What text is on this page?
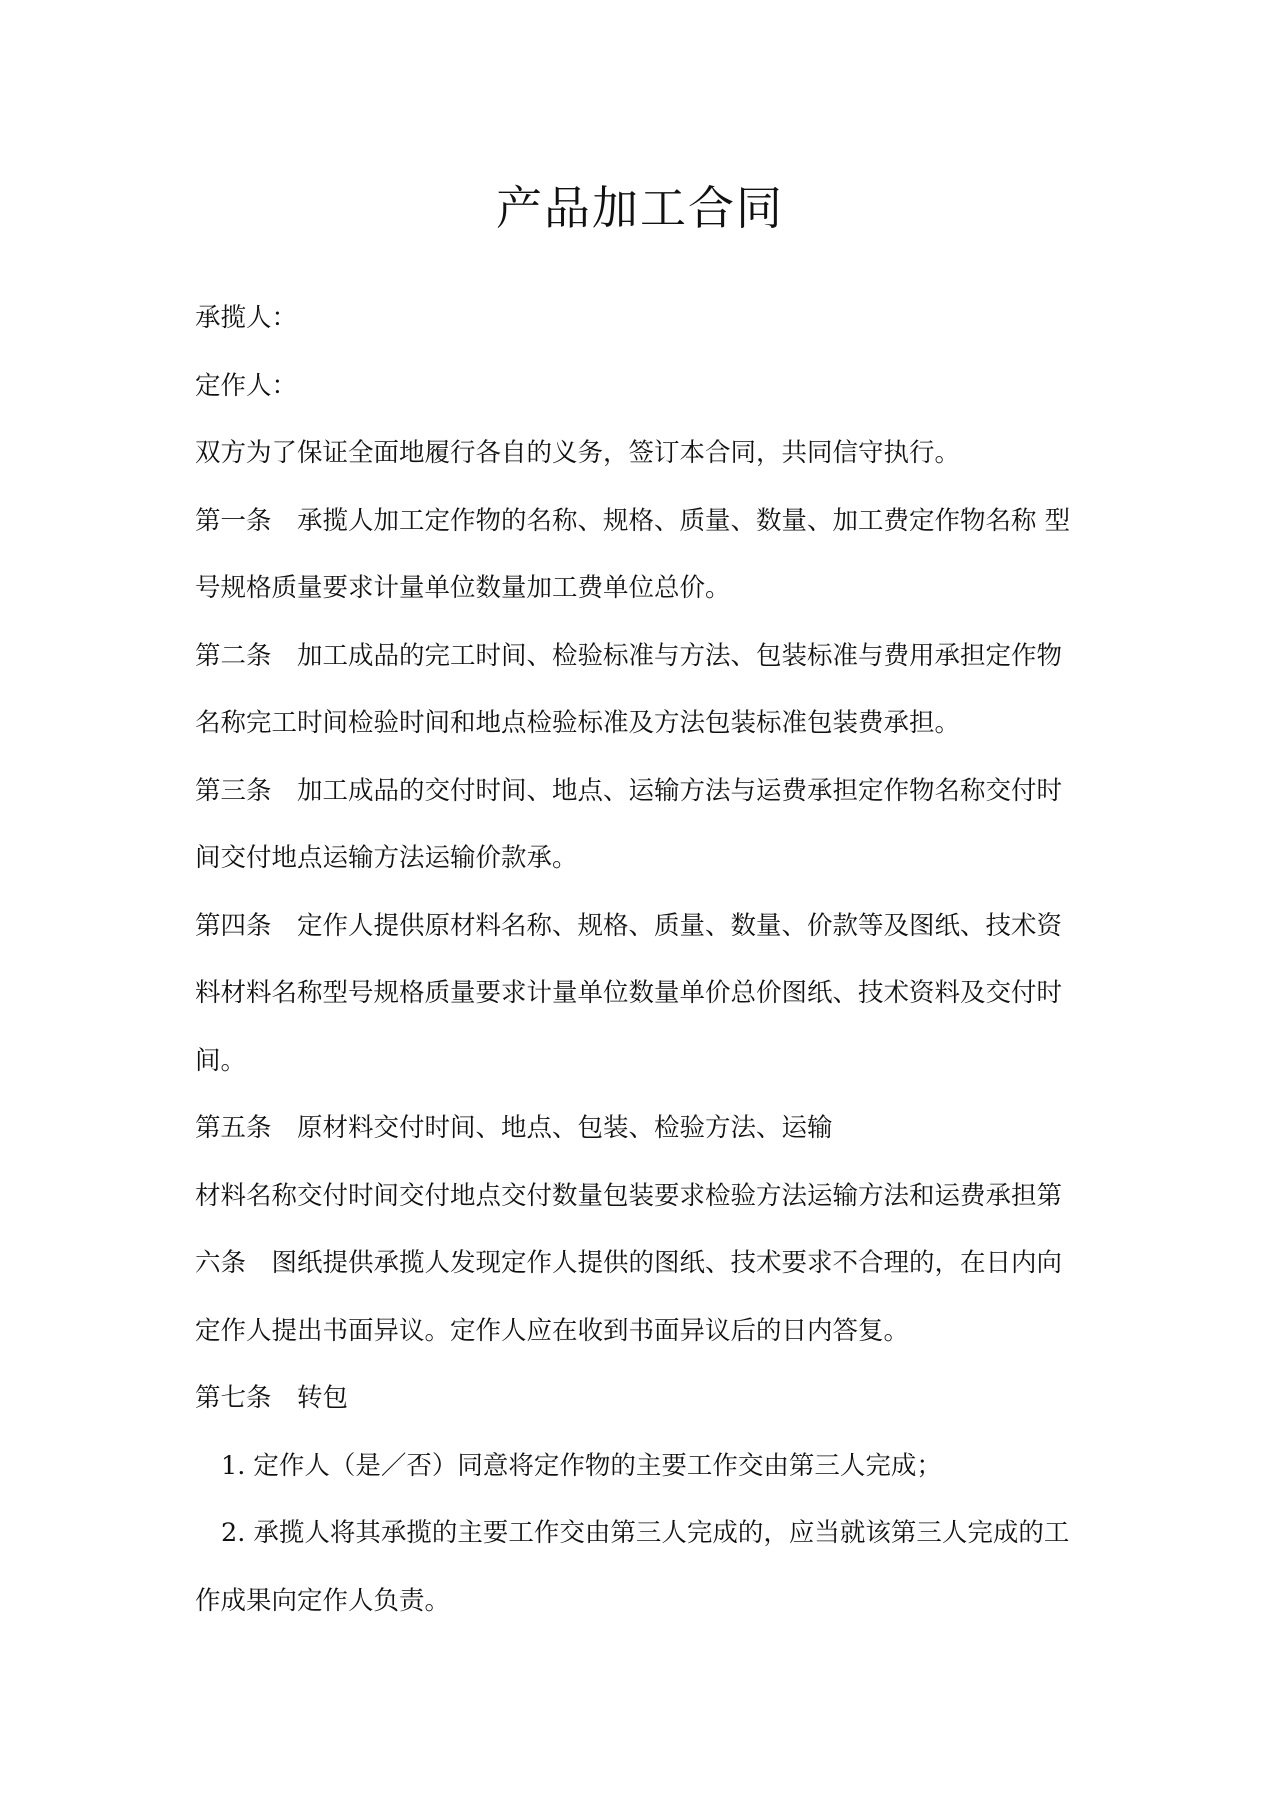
产品加工合同
承揽人：
定作人：
双方为了保证全面地履行各自的义务，签订本合同，共同信守执行。
第一条　承揽人加工定作物的名称、规格、质量、数量、加工费定作物名称 型
号规格质量要求计量单位数量加工费单位总价。
第二条　加工成品的完工时间、检验标准与方法、包装标准与费用承担定作物
名称完工时间检验时间和地点检验标准及方法包装标准包装费承担。
第三条　加工成品的交付时间、地点、运输方法与运费承担定作物名称交付时
间交付地点运输方法运输价款承。
第四条　定作人提供原材料名称、规格、质量、数量、价款等及图纸、技术资
料材料名称型号规格质量要求计量单位数量单价总价图纸、技术资料及交付时
间。
第五条　原材料交付时间、地点、包装、检验方法、运输
材料名称交付时间交付地点交付数量包装要求检验方法运输方法和运费承担第
六条　图纸提供承揽人发现定作人提供的图纸、技术要求不合理的，在日内向
定作人提出书面异议。定作人应在收到书面异议后的日内答复。
第七条　转包
1. 定作人（是／否）同意将定作物的主要工作交由第三人完成；
2. 承揽人将其承揽的主要工作交由第三人完成的，应当就该第三人完成的工
作成果向定作人负责。
